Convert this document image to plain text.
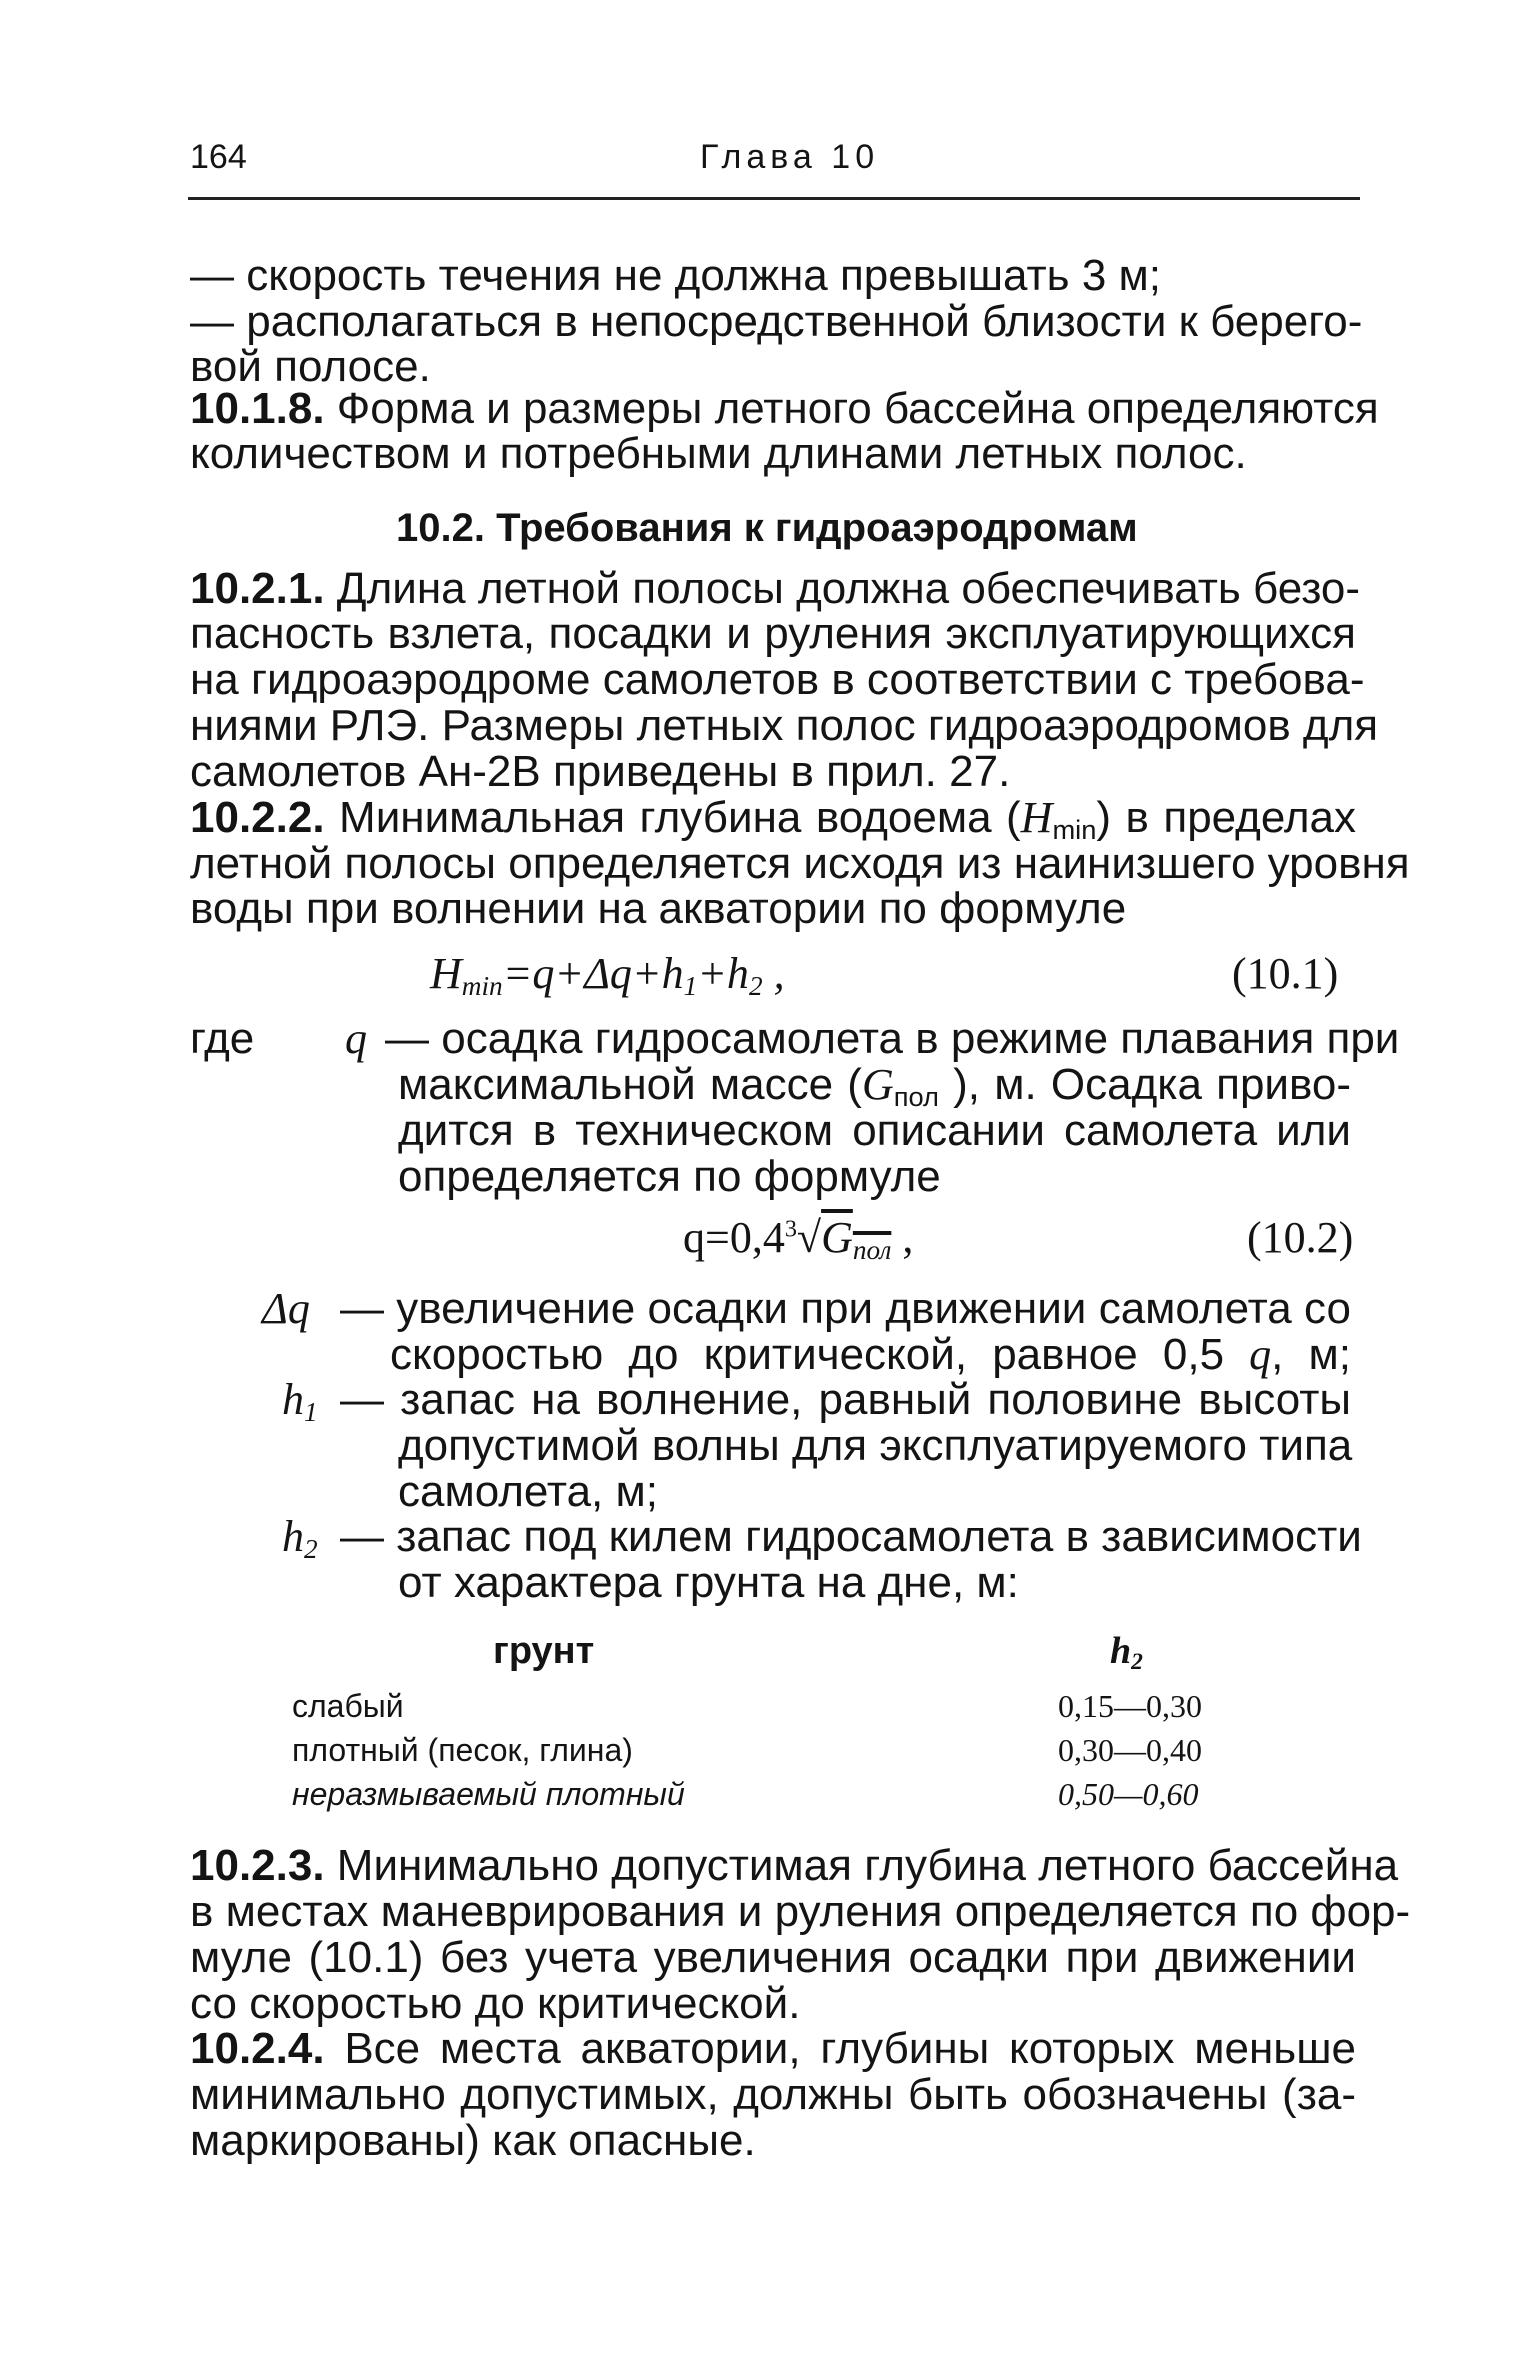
164	Глава 10
— скорость течения не должна превышать 3 м;
— располагаться в непосредственной близости к берего-
вой полосе.
10.1.8. Форма и размеры летного бассейна определяются
количеством и потребными длинами летных полос.
10.2. Требования к гидроаэродромам
10.2.1. Длина летной полосы должна обеспечивать безо-
пасность взлета, посадки и руления эксплуатирующихся
на гидроаэродроме самолетов в соответствии с требова-
ниями РЛЭ. Размеры летных полос гидроаэродромов для
самолетов Ан-2В приведены в прил. 27.
10.2.2. Минимальная глубина водоема $(H_{min})$ в пределах
летной полосы определяется исходя из наинизшего уровня
воды при волнении на акватории по формуле
$H_{min}=q+\Delta q+h_1+h_2$ ,	(10.1)
где q — осадка гидросамолета в режиме плавания при
максимальной массе ($G_{пол}$ ), м. Осадка приво-
дится в техническом описании самолета или
определяется по формуле
$q=0,4^3√G_{пол}$ ,	(10.2)
Δq — увеличение осадки при движении самолета со
скоростью до критической, равное 0,5 q, м;
$h_1$ — запас на волнение, равный половине высоты
допустимой волны для эксплуатируемого типа
самолета, м;
$h_2$ — запас под килем гидросамолета в зависимости
от характера грунта на дне, м:
грунт	$h_2$
слабый	0,15—0,30
плотный (песок, глина)	0,30—0,40
неразмываемый плотный	0,50—0,60
10.2.3. Минимально допустимая глубина летного бассейна
в местах маневрирования и руления определяется по фор-
муле (10.1) без учета увеличения осадки при движении
со скоростью до критической.
10.2.4. Все места акватории, глубины которых меньше
минимально допустимых, должны быть обозначены (за-
маркированы) как опасные.
